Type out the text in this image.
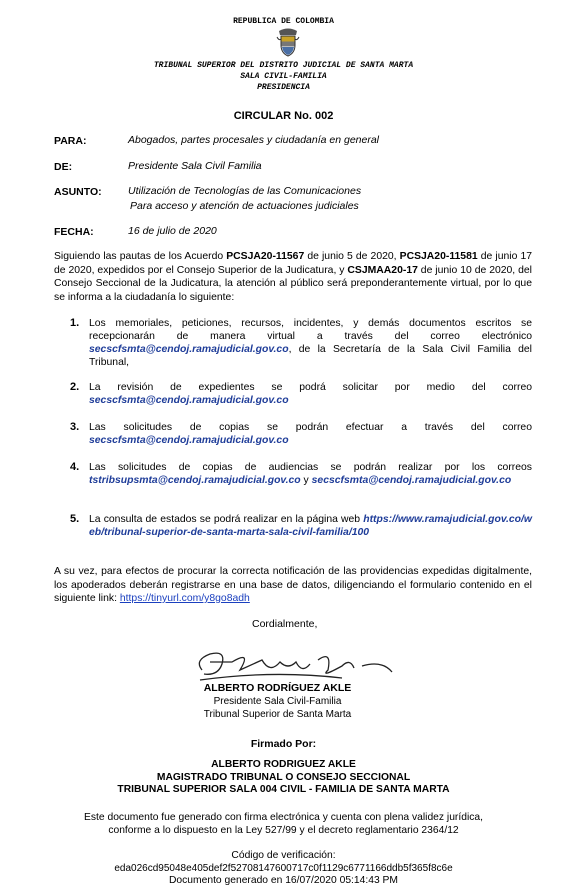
REPUBLICA DE COLOMBIA
TRIBUNAL SUPERIOR DEL DISTRITO JUDICIAL DE SANTA MARTA
SALA CIVIL-FAMILIA
PRESIDENCIA
CIRCULAR No. 002
PARA:	Abogados, partes procesales y ciudadanía en general
DE:	Presidente Sala Civil Familia
ASUNTO:	Utilización de Tecnologías de las Comunicaciones
Para acceso y atención de actuaciones judiciales
FECHA:	16 de julio de 2020
Siguiendo las pautas de los Acuerdo PCSJA20-11567 de junio 5 de 2020, PCSJA20-11581 de junio 17 de 2020, expedidos por el Consejo Superior de la Judicatura, y CSJMAA20-17 de junio 10 de 2020, del Consejo Seccional de la Judicatura, la atención al público será preponderantemente virtual, por lo que se informa a la ciudadanía lo siguiente:
1. Los memoriales, peticiones, recursos, incidentes, y demás documentos escritos se recepcionarán de manera virtual a través del correo electrónico secscfsmta@cendoj.ramajudicial.gov.co, de la Secretaría de la Sala Civil Familia del Tribunal,
2. La revisión de expedientes se podrá solicitar por medio del correo secscfsmta@cendoj.ramajudicial.gov.co
3. Las solicitudes de copias se podrán efectuar a través del correo secscfsmta@cendoj.ramajudicial.gov.co
4. Las solicitudes de copias de audiencias se podrán realizar por los correos tstribsupsmta@cendoj.ramajudicial.gov.co y secscfsmta@cendoj.ramajudicial.gov.co
5. La consulta de estados se podrá realizar en la página web https://www.ramajudicial.gov.co/web/tribunal-superior-de-santa-marta-sala-civil-familia/100
A su vez, para efectos de procurar la correcta notificación de las providencias expedidas digitalmente, los apoderados deberán registrarse en una base de datos, diligenciando el formulario contenido en el siguiente link: https://tinyurl.com/y8go8adh
Cordialmente,
ALBERTO RODRÍGUEZ AKLE
Presidente Sala Civil-Familia
Tribunal Superior de Santa Marta
Firmado Por:
ALBERTO RODRIGUEZ AKLE
MAGISTRADO TRIBUNAL O CONSEJO SECCIONAL
TRIBUNAL SUPERIOR SALA 004 CIVIL - FAMILIA DE SANTA MARTA
Este documento fue generado con firma electrónica y cuenta con plena validez jurídica,
conforme a lo dispuesto en la Ley 527/99 y el decreto reglamentario 2364/12
Código de verificación:
eda026cd95048e405def2f52708147600717c0f1129c6771166ddb5f365f8c6e
Documento generado en 16/07/2020 05:14:43 PM
